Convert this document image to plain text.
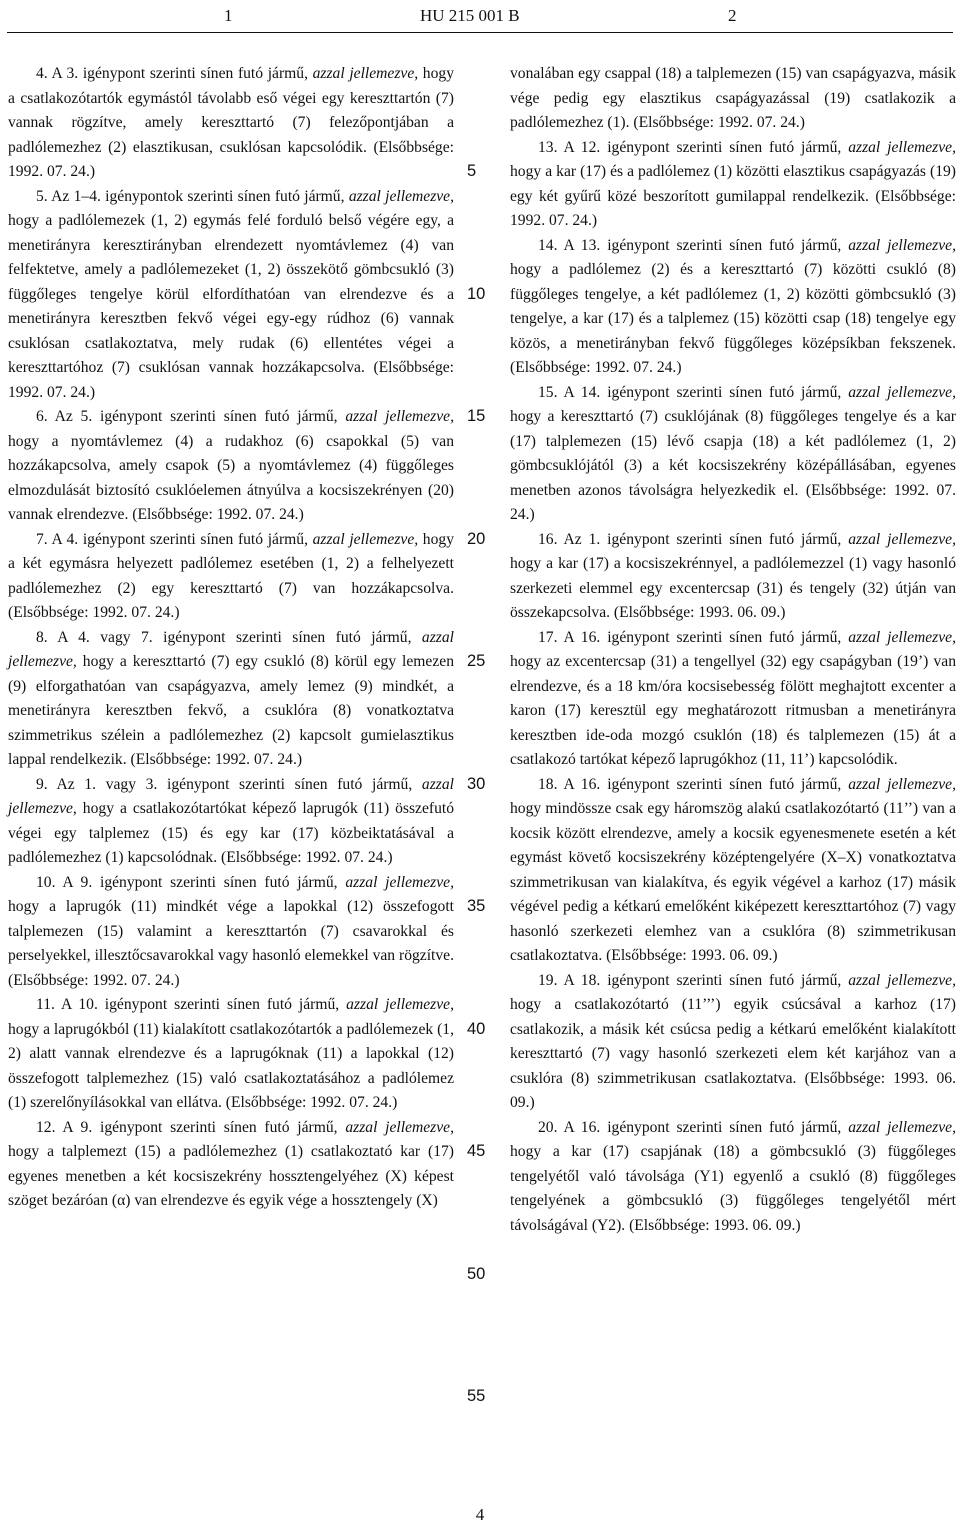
1	HU 215 001 B	2

4. A 3. igénypont szerinti sínen futó jármű, azzal jellemezve, hogy a csatlakozótartók egymástól távolabb eső végei egy kereszttartón (7) vannak rögzítve, amely kereszttartó (7) felezőpontjában a padlólemezhez (2) elasztikusan, csuklósan kapcsolódik. (Elsőbbsége: 1992. 07. 24.)

5. Az 1–4. igénypontok szerinti sínen futó jármű, azzal jellemezve, hogy a padlólemezek (1, 2) egymás felé forduló belső végére egy, a menetirányra keresztirányban elrendezett nyomtávlemez (4) van felfektetve, amely a padlólemezeket (1, 2) összekötő gömbcsukló (3) függőleges tengelye körül elfordíthatóan van elrendezve és a menetirányra keresztben fekvő végei egy-egy rúdhoz (6) vannak csuklósan csatlakoztatva, mely rudak (6) ellentétes végei a kereszttartóhoz (7) csuklósan vannak hozzákapcsolva. (Elsőbbsége: 1992. 07. 24.)

6. Az 5. igénypont szerinti sínen futó jármű, azzal jellemezve, hogy a nyomtávlemez (4) a rudakhoz (6) csapokkal (5) van hozzákapcsolva, amely csapok (5) a nyomtávlemez (4) függőleges elmozdulását biztosító csuklóelemen átnyúlva a kocsiszekrényen (20) vannak elrendezve. (Elsőbbsége: 1992. 07. 24.)

7. A 4. igénypont szerinti sínen futó jármű, azzal jellemezve, hogy a két egymásra helyezett padlólemez esetében (1, 2) a felhelyezett padlólemezhez (2) egy kereszttartó (7) van hozzákapcsolva. (Elsőbbsége: 1992. 07. 24.)

8. A 4. vagy 7. igénypont szerinti sínen futó jármű, azzal jellemezve, hogy a kereszttartó (7) egy csukló (8) körül egy lemezen (9) elforgathatóan van csapágyazva, amely lemez (9) mindkét, a menetirányra keresztben fekvő, a csuklóra (8) vonatkoztatva szimmetrikus szélein a padlólemezhez (2) kapcsolt gumielasztikus lappal rendelkezik. (Elsőbbsége: 1992. 07. 24.)

9. Az 1. vagy 3. igénypont szerinti sínen futó jármű, azzal jellemezve, hogy a csatlakozótartókat képező laprugók (11) összefutó végei egy talplemez (15) és egy kar (17) közbeiktatásával a padlólemezhez (1) kapcsolódnak. (Elsőbbsége: 1992. 07. 24.)

10. A 9. igénypont szerinti sínen futó jármű, azzal jellemezve, hogy a laprugók (11) mindkét vége a lapokkal (12) összefogott talplemezen (15) valamint a kereszttartón (7) csavarokkal és perselyekkel, illesztőcsavarokkal vagy hasonló elemekkel van rögzítve. (Elsőbbsége: 1992. 07. 24.)

11. A 10. igénypont szerinti sínen futó jármű, azzal jellemezve, hogy a laprugókból (11) kialakított csatlakozótartók a padlólemezek (1, 2) alatt vannak elrendezve és a laprugóknak (11) a lapokkal (12) összefogott talplemezhez (15) való csatlakoztatásához a padlólemez (1) szerelőnyílásokkal van ellátva. (Elsőbbsége: 1992. 07. 24.)

12. A 9. igénypont szerinti sínen futó jármű, azzal jellemezve, hogy a talplemezt (15) a padlólemezhez (1) csatlakoztató kar (17) egyenes menetben a két kocsiszekrény hossztengelyéhez (X) képest szöget bezáróan (α) van elrendezve és egyik vége a hossztengely (X)

5
10
15
20
25
30
35
40
45
50
55

vonalában egy csappal (18) a talplemezen (15) van csapágyazva, másik vége pedig egy elasztikus csapágyazással (19) csatlakozik a padlólemezhez (1). (Elsőbbsége: 1992. 07. 24.)

13. A 12. igénypont szerinti sínen futó jármű, azzal jellemezve, hogy a kar (17) és a padlólemez (1) közötti elasztikus csapágyazás (19) egy két gyűrű közé beszorított gumilappal rendelkezik. (Elsőbbsége: 1992. 07. 24.)

14. A 13. igénypont szerinti sínen futó jármű, azzal jellemezve, hogy a padlólemez (2) és a kereszttartó (7) közötti csukló (8) függőleges tengelye, a két padlólemez (1, 2) közötti gömbcsukló (3) tengelye, a kar (17) és a talplemez (15) közötti csap (18) tengelye egy közös, a menetirányban fekvő függőleges középsíkban fekszenek. (Elsőbbsége: 1992. 07. 24.)

15. A 14. igénypont szerinti sínen futó jármű, azzal jellemezve, hogy a kereszttartó (7) csuklójának (8) függőleges tengelye és a kar (17) talplemezen (15) lévő csapja (18) a két padlólemez (1, 2) gömbcsuklójától (3) a két kocsiszekrény középállásában, egyenes menetben azonos távolságra helyezkedik el. (Elsőbbsége: 1992. 07. 24.)

16. Az 1. igénypont szerinti sínen futó jármű, azzal jellemezve, hogy a kar (17) a kocsiszekrénnyel, a padlólemezzel (1) vagy hasonló szerkezeti elemmel egy excentercsap (31) és tengely (32) útján van összekapcsolva. (Elsőbbsége: 1993. 06. 09.)

17. A 16. igénypont szerinti sínen futó jármű, azzal jellemezve, hogy az excentercsap (31) a tengellyel (32) egy csapágyban (19’) van elrendezve, és a 18 km/óra kocsisebesség fölött meghajtott excenter a karon (17) keresztül egy meghatározott ritmusban a menetirányra keresztben ide-oda mozgó csuklón (18) és talplemezen (15) át a csatlakozó tartókat képező laprugókhoz (11, 11’) kapcsolódik.

18. A 16. igénypont szerinti sínen futó jármű, azzal jellemezve, hogy mindössze csak egy háromszög alakú csatlakozótartó (11’’) van a kocsik között elrendezve, amely a kocsik egyenesmenete esetén a két egymást követő kocsiszekrény középtengelyére (X–X) vonatkoztatva szimmetrikusan van kialakítva, és egyik végével a karhoz (17) másik végével pedig a kétkarú emelőként kiképezett kereszttartóhoz (7) vagy hasonló szerkezeti elemhez van a csuklóra (8) szimmetrikusan csatlakoztatva. (Elsőbbsége: 1993. 06. 09.)

19. A 18. igénypont szerinti sínen futó jármű, azzal jellemezve, hogy a csatlakozótartó (11’’’) egyik csúcsával a karhoz (17) csatlakozik, a másik két csúcsa pedig a kétkarú emelőként kialakított kereszttartó (7) vagy hasonló szerkezeti elem két karjához van a csuklóra (8) szimmetrikusan csatlakoztatva. (Elsőbbsége: 1993. 06. 09.)

20. A 16. igénypont szerinti sínen futó jármű, azzal jellemezve, hogy a kar (17) csapjának (18) a gömbcsukló (3) függőleges tengelyétől való távolsága (Y1) egyenlő a csukló (8) függőleges tengelyének a gömbcsukló (3) függőleges tengelyétől mért távolságával (Y2). (Elsőbbsége: 1993. 06. 09.)

4
